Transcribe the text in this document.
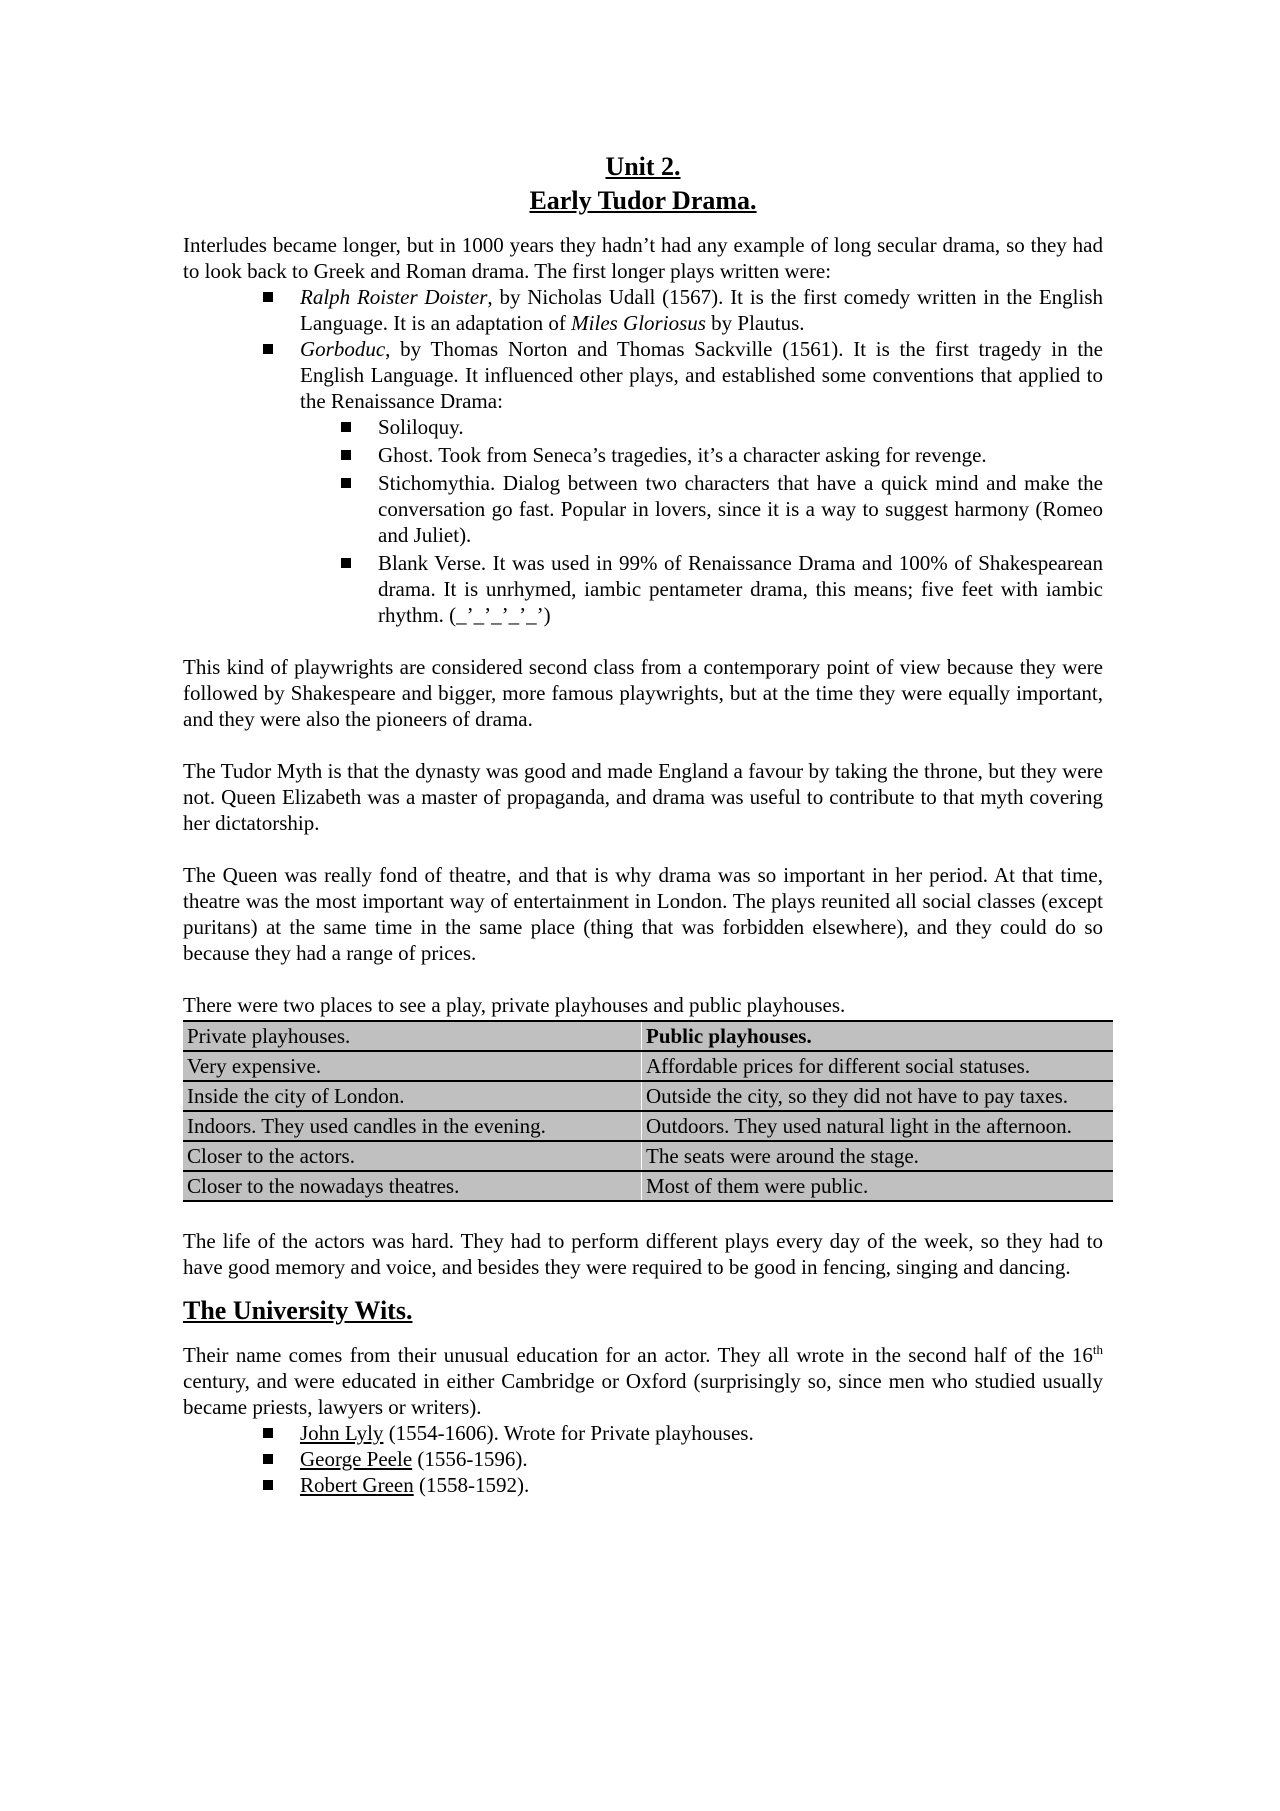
Unit 2.
Early Tudor Drama.

Interludes became longer, but in 1000 years they hadn’t had any example of long secular drama, so they had to look back to Greek and Roman drama. The first longer plays written were:

Ralph Roister Doister, by Nicholas Udall (1567). It is the first comedy written in the English Language. It is an adaptation of Miles Gloriosus by Plautus.
Gorboduc, by Thomas Norton and Thomas Sackville (1561). It is the first tragedy in the English Language. It influenced other plays, and established some conventions that applied to the Renaissance Drama:
Soliloquy.
Ghost. Took from Seneca’s tragedies, it’s a character asking for revenge.
Stichomythia. Dialog between two characters that have a quick mind and make the conversation go fast. Popular in lovers, since it is a way to suggest harmony (Romeo and Juliet).
Blank Verse. It was used in 99% of Renaissance Drama and 100% of Shakespearean drama. It is unrhymed, iambic pentameter drama, this means; five feet with iambic rhythm. (_’_’_’_’_’)

This kind of playwrights are considered second class from a contemporary point of view because they were followed by Shakespeare and bigger, more famous playwrights, but at the time they were equally important, and they were also the pioneers of drama.

The Tudor Myth is that the dynasty was good and made England a favour by taking the throne, but they were not. Queen Elizabeth was a master of propaganda, and drama was useful to contribute to that myth covering her dictatorship.

The Queen was really fond of theatre, and that is why drama was so important in her period. At that time, theatre was the most important way of entertainment in London. The plays reunited all social classes (except puritans) at the same time in the same place (thing that was forbidden elsewhere), and they could do so because they had a range of prices.

There were two places to see a play, private playhouses and public playhouses.

Private playhouses.	Public playhouses.
Very expensive.	Affordable prices for different social statuses.
Inside the city of London.	Outside the city, so they did not have to pay taxes.
Indoors. They used candles in the evening.	Outdoors. They used natural light in the afternoon.
Closer to the actors.	The seats were around the stage.
Closer to the nowadays theatres.	Most of them were public.

The life of the actors was hard. They had to perform different plays every day of the week, so they had to have good memory and voice, and besides they were required to be good in fencing, singing and dancing.

The University Wits.

Their name comes from their unusual education for an actor. They all wrote in the second half of the 16th century, and were educated in either Cambridge or Oxford (surprisingly so, since men who studied usually became priests, lawyers or writers).

John Lyly (1554-1606). Wrote for Private playhouses.
George Peele (1556-1596).
Robert Green (1558-1592).
